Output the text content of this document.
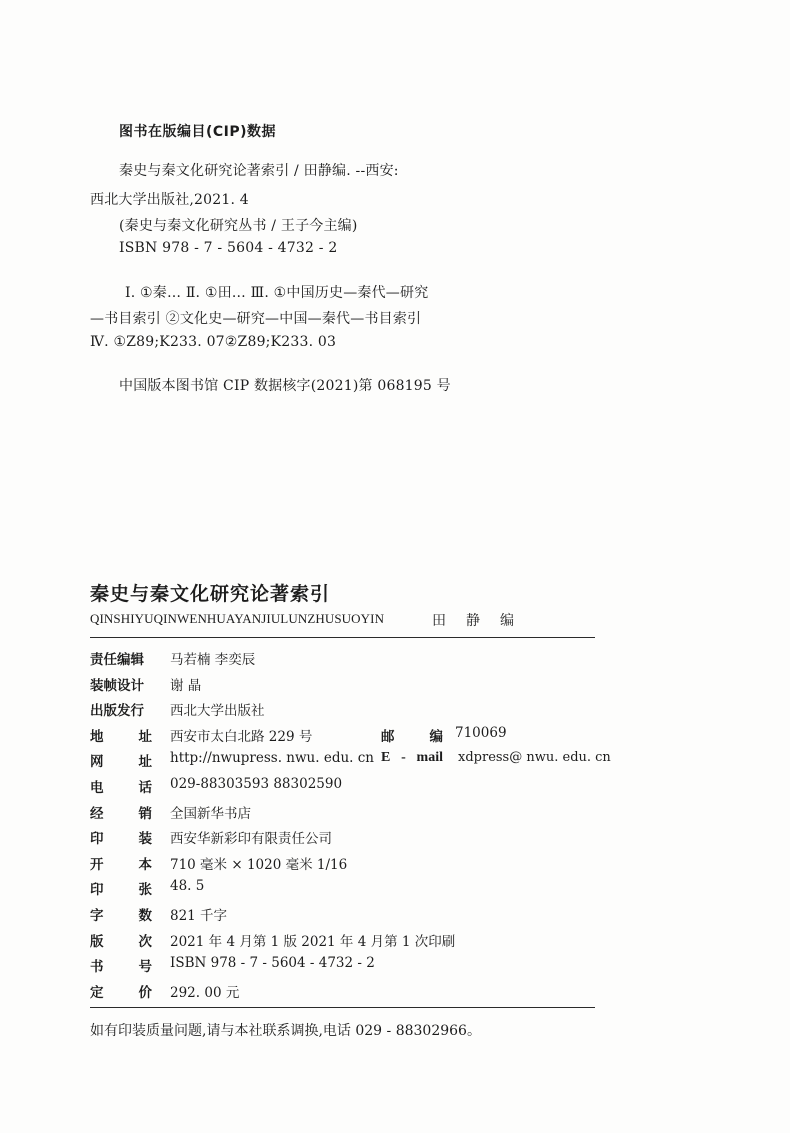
图书在版编目(CIP)数据
秦史与秦文化研究论著索引 / 田静编. --西安:
西北大学出版社,2021. 4
(秦史与秦文化研究丛书 / 王子今主编)
ISBN 978 - 7 - 5604 - 4732 - 2
Ⅰ. ①秦… Ⅱ. ①田… Ⅲ. ①中国历史—秦代—研究
—书目索引 ②文化史—研究—中国—秦代—书目索引
Ⅳ. ①Z89;K233. 07②Z89;K233. 03
中国版本图书馆 CIP 数据核字(2021)第 068195 号
秦史与秦文化研究论著索引
QINSHIYUQINWENHUAYANJIULUNZHUSUOYIN	田静编
责任编辑 马若楠 李奕辰
装帧设计 谢 晶
出版发行 西北大学出版社
地	址 西安市太白北路 229 号	邮	编 710069
网	址 http://nwupress. nwu. edu. cn E - mail xdpress@ nwu. edu. cn
电	话 029-88303593 88302590
经	销 全国新华书店
印	装 西安华新彩印有限责任公司
开	本 710 毫米 × 1020 毫米 1/16
印	张 48. 5
字	数 821 千字
版	次 2021 年 4 月第 1 版 2021 年 4 月第 1 次印刷
书	号 ISBN 978 - 7 - 5604 - 4732 - 2
定	价 292. 00 元
如有印装质量问题,请与本社联系调换,电话 029 - 88302966。
